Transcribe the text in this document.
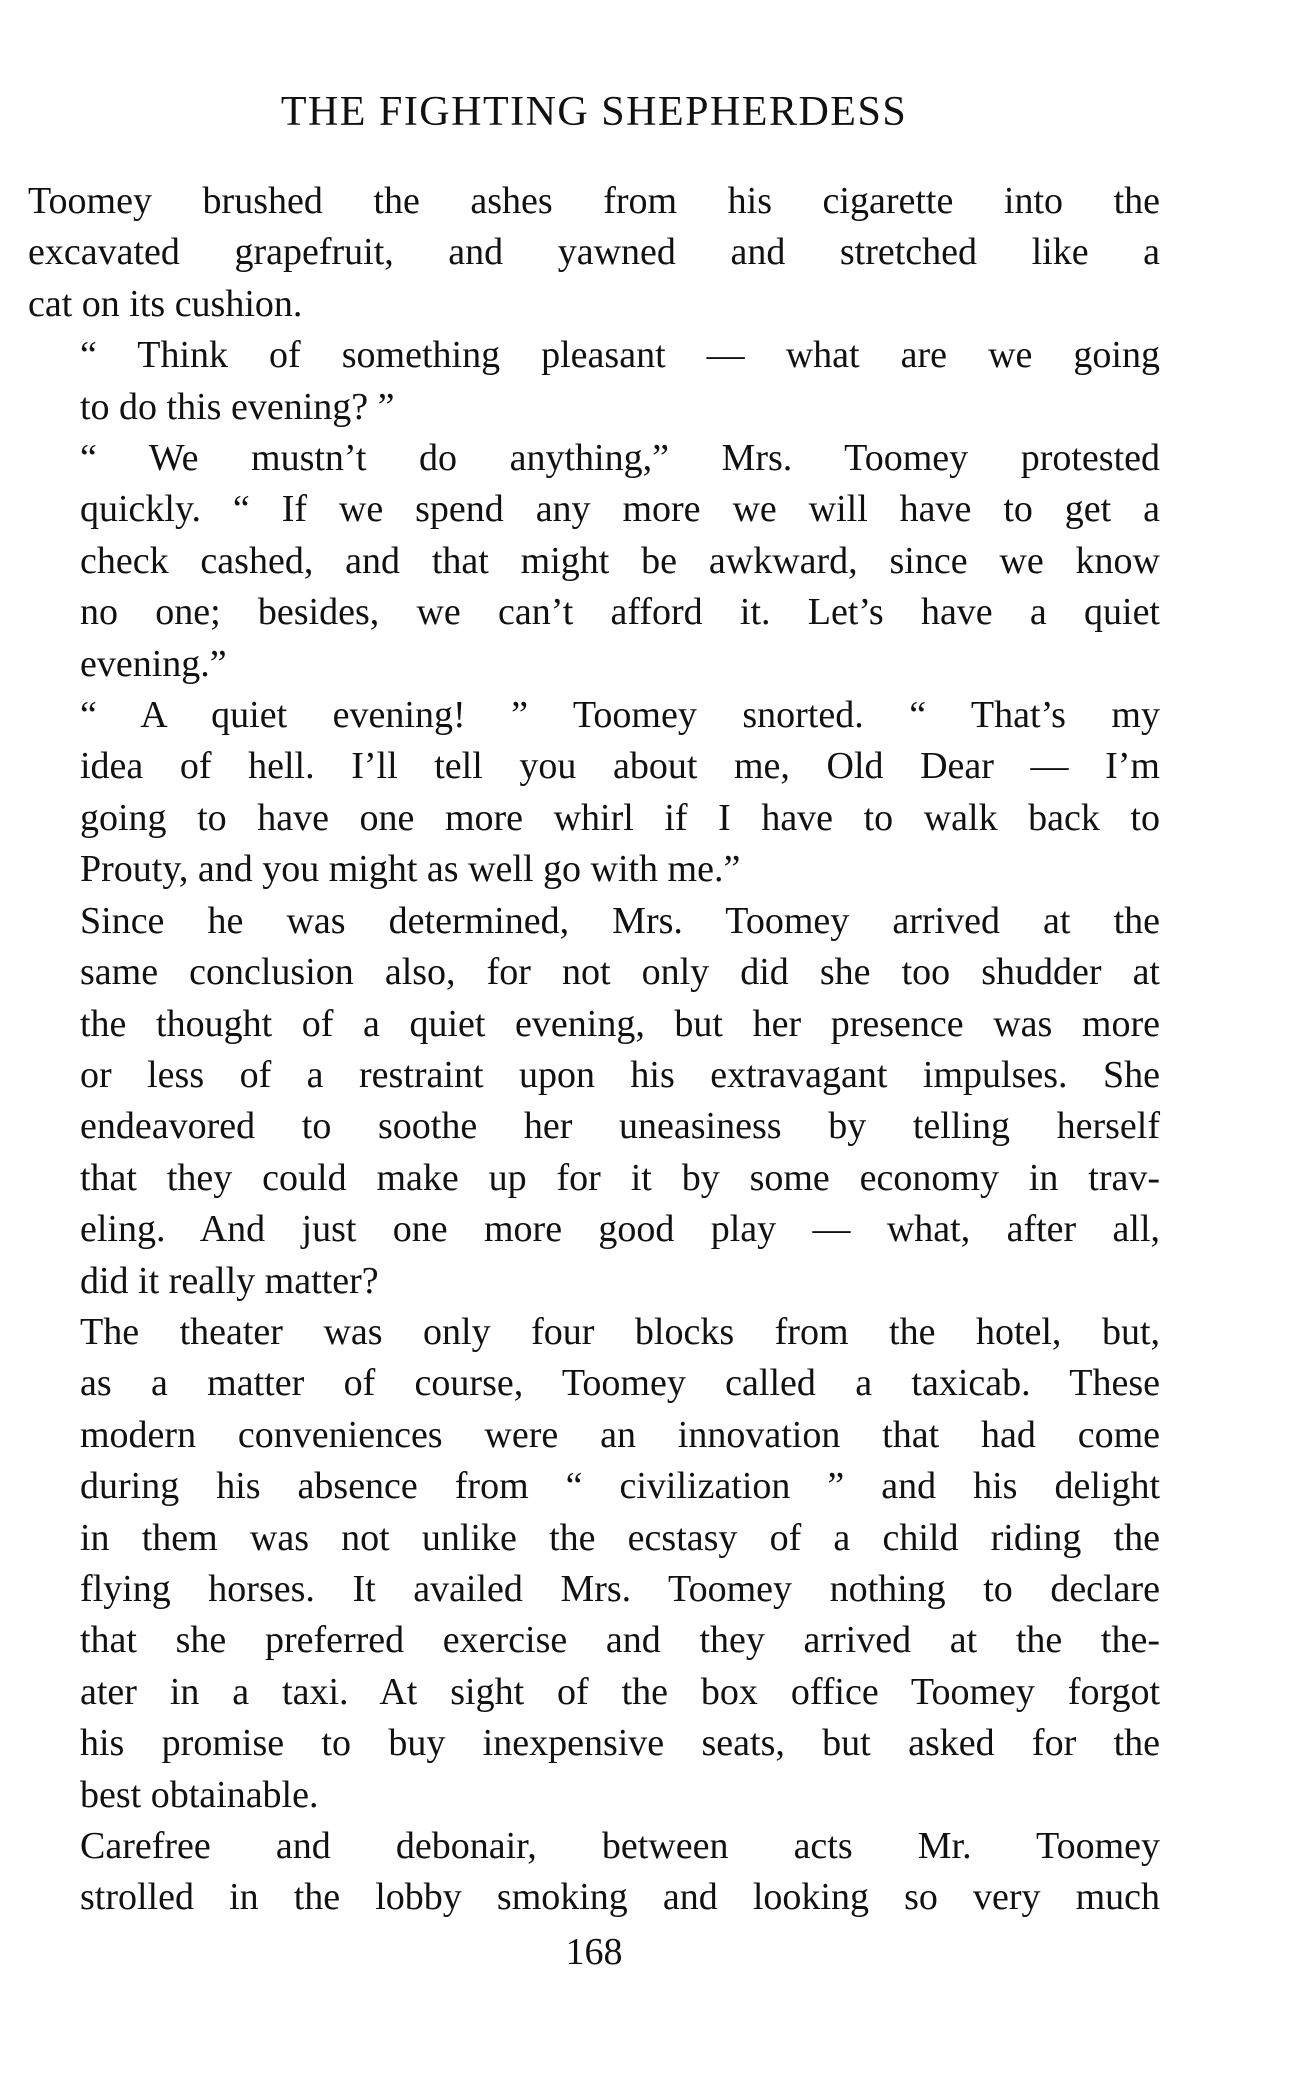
THE FIGHTING SHEPHERDESS

Toomey brushed the ashes from his cigarette into the
excavated grapefruit, and yawned and stretched like a
cat on its cushion.

“ Think of something pleasant — what are we going
to do this evening? ”

“ We mustn’t do anything,” Mrs. Toomey protested
quickly. “ If we spend any more we will have to get a
check cashed, and that might be awkward, since we know
no one; besides, we can’t afford it. Let’s have a quiet
evening.”

“ A quiet evening! ” Toomey snorted. “ That’s my
idea of hell. I’ll tell you about me, Old Dear — I’m
going to have one more whirl if I have to walk back to
Prouty, and you might as well go with me.”

Since he was determined, Mrs. Toomey arrived at the
same conclusion also, for not only did she too shudder at
the thought of a quiet evening, but her presence was more
or less of a restraint upon his extravagant impulses. She
endeavored to soothe her uneasiness by telling herself
that they could make up for it by some economy in trav-
eling. And just one more good play — what, after all,
did it really matter?

The theater was only four blocks from the hotel, but,
as a matter of course, Toomey called a taxicab. These
modern conveniences were an innovation that had come
during his absence from “ civilization ” and his delight
in them was not unlike the ecstasy of a child riding the
flying horses. It availed Mrs. Toomey nothing to declare
that she preferred exercise and they arrived at the the-
ater in a taxi. At sight of the box office Toomey forgot
his promise to buy inexpensive seats, but asked for the
best obtainable.

Carefree and debonair, between acts Mr. Toomey
strolled in the lobby smoking and looking so very much

168
